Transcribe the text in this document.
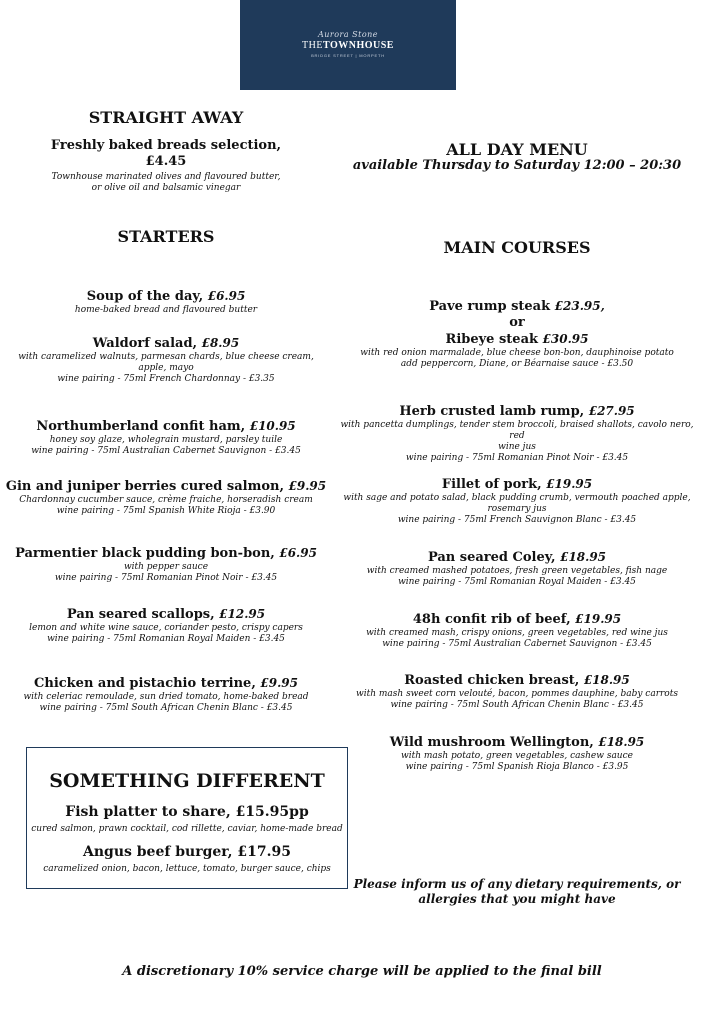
Aurora Stone
THETOWNHOUSE
BRIDGE STREET | MORPETH
STRAIGHT AWAY
Freshly baked breads selection,
£4.45
Townhouse marinated olives and flavoured butter,
or olive oil and balsamic vinegar
STARTERS
Soup of the day, £6.95
home-baked bread and flavoured butter
Waldorf salad, £8.95
with caramelized walnuts, parmesan chards, blue cheese cream,
apple, mayo
wine pairing - 75ml French Chardonnay - £3.35
Northumberland confit ham, £10.95
honey soy glaze, wholegrain mustard, parsley tuile
wine pairing - 75ml Australian Cabernet Sauvignon - £3.45
Gin and juniper berries cured salmon, £9.95
Chardonnay cucumber sauce, crème fraiche, horseradish cream
wine pairing - 75ml Spanish White Rioja - £3.90
Parmentier black pudding bon-bon, £6.95
with pepper sauce
wine pairing - 75ml Romanian Pinot Noir - £3.45
Pan seared scallops, £12.95
lemon and white wine sauce, coriander pesto, crispy capers
wine pairing - 75ml Romanian Royal Maiden - £3.45
Chicken and pistachio terrine, £9.95
with celeriac remoulade, sun dried tomato, home-baked bread
wine pairing - 75ml South African Chenin Blanc - £3.45
SOMETHING DIFFERENT
Fish platter to share, £15.95pp
cured salmon, prawn cocktail, cod rillette, caviar, home-made bread
Angus beef burger, £17.95
caramelized onion, bacon, lettuce, tomato, burger sauce, chips
ALL DAY MENU
available Thursday to Saturday 12:00 – 20:30
MAIN COURSES
Pave rump steak £23.95,
or
Ribeye steak £30.95
with red onion marmalade, blue cheese bon-bon, dauphinoise potato
add peppercorn, Diane, or Béarnaise sauce - £3.50
Herb crusted lamb rump, £27.95
with pancetta dumplings, tender stem broccoli, braised shallots, cavolo nero, red
wine jus
wine pairing - 75ml Romanian Pinot Noir - £3.45
Fillet of pork, £19.95
with sage and potato salad, black pudding crumb, vermouth poached apple,
rosemary jus
wine pairing - 75ml French Sauvignon Blanc - £3.45
Pan seared Coley, £18.95
with creamed mashed potatoes, fresh green vegetables, fish nage
wine pairing - 75ml Romanian Royal Maiden - £3.45
48h confit rib of beef, £19.95
with creamed mash, crispy onions, green vegetables, red wine jus
wine pairing - 75ml Australian Cabernet Sauvignon - £3.45
Roasted chicken breast, £18.95
with mash sweet corn velouté, bacon, pommes dauphine, baby carrots
wine pairing - 75ml South African Chenin Blanc - £3.45
Wild mushroom Wellington, £18.95
with mash potato, green vegetables, cashew sauce
wine pairing - 75ml Spanish Rioja Blanco - £3.95
Please inform us of any dietary requirements, or
allergies that you might have
A discretionary 10% service charge will be applied to the final bill
